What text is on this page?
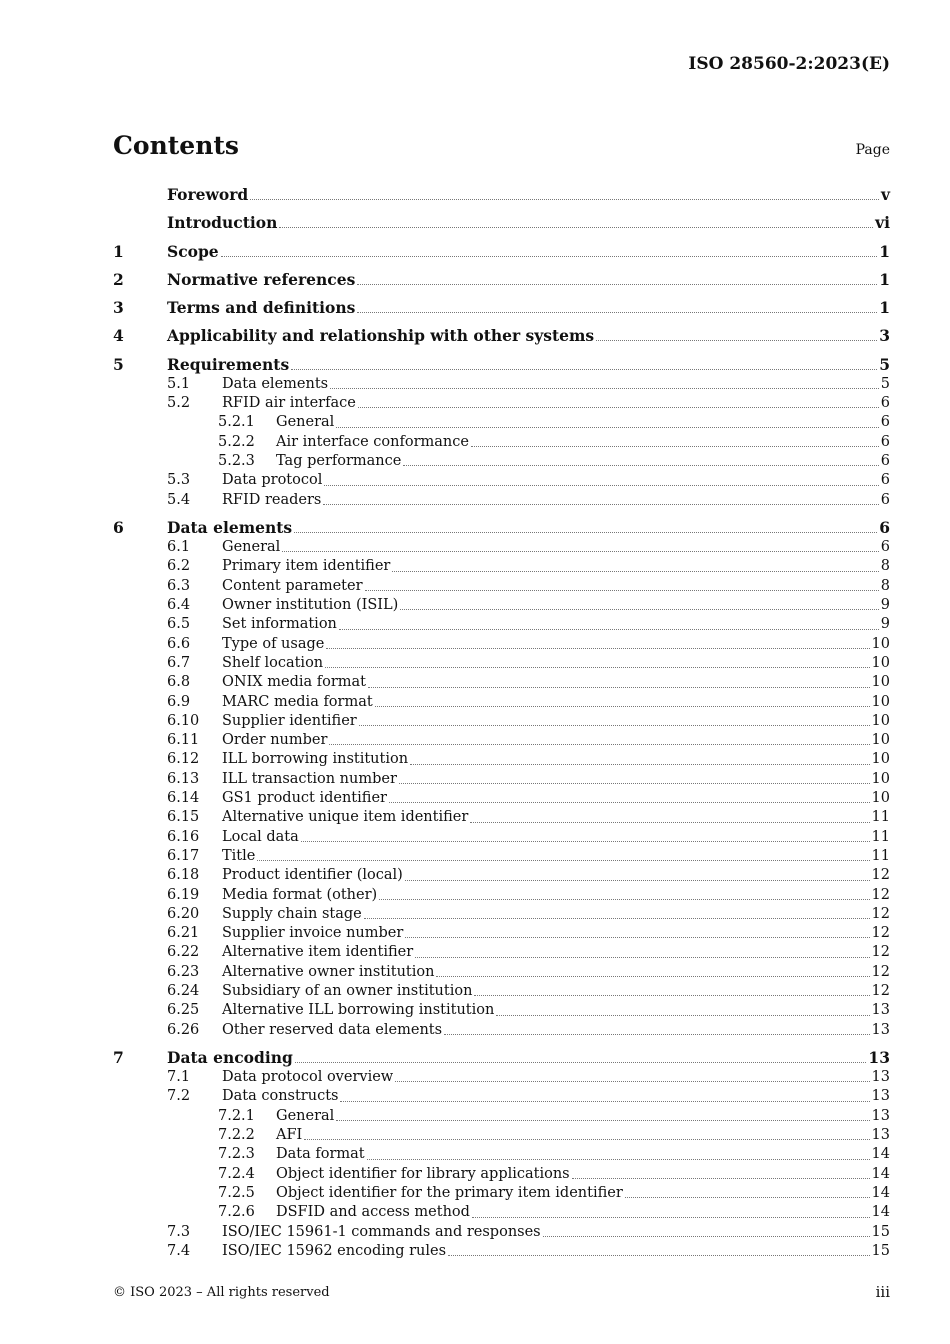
ISO 28560-2:2023(E)
Contents	Page
Foreword	v
Introduction	vi
1	Scope	1
2	Normative references	1
3	Terms and definitions	1
4	Applicability and relationship with other systems	3
5	Requirements	5
5.1	Data elements	5
5.2	RFID air interface	6
5.2.1	General	6
5.2.2	Air interface conformance	6
5.2.3	Tag performance	6
5.3	Data protocol	6
5.4	RFID readers	6
6	Data elements	6
6.1	General	6
6.2	Primary item identifier	8
6.3	Content parameter	8
6.4	Owner institution (ISIL)	9
6.5	Set information	9
6.6	Type of usage	10
6.7	Shelf location	10
6.8	ONIX media format	10
6.9	MARC media format	10
6.10	Supplier identifier	10
6.11	Order number	10
6.12	ILL borrowing institution	10
6.13	ILL transaction number	10
6.14	GS1 product identifier	10
6.15	Alternative unique item identifier	11
6.16	Local data	11
6.17	Title	11
6.18	Product identifier (local)	12
6.19	Media format (other)	12
6.20	Supply chain stage	12
6.21	Supplier invoice number	12
6.22	Alternative item identifier	12
6.23	Alternative owner institution	12
6.24	Subsidiary of an owner institution	12
6.25	Alternative ILL borrowing institution	13
6.26	Other reserved data elements	13
7	Data encoding	13
7.1	Data protocol overview	13
7.2	Data constructs	13
7.2.1	General	13
7.2.2	AFI	13
7.2.3	Data format	14
7.2.4	Object identifier for library applications	14
7.2.5	Object identifier for the primary item identifier	14
7.2.6	DSFID and access method	14
7.3	ISO/IEC 15961-1 commands and responses	15
7.4	ISO/IEC 15962 encoding rules	15
© ISO 2023 – All rights reserved	iii
